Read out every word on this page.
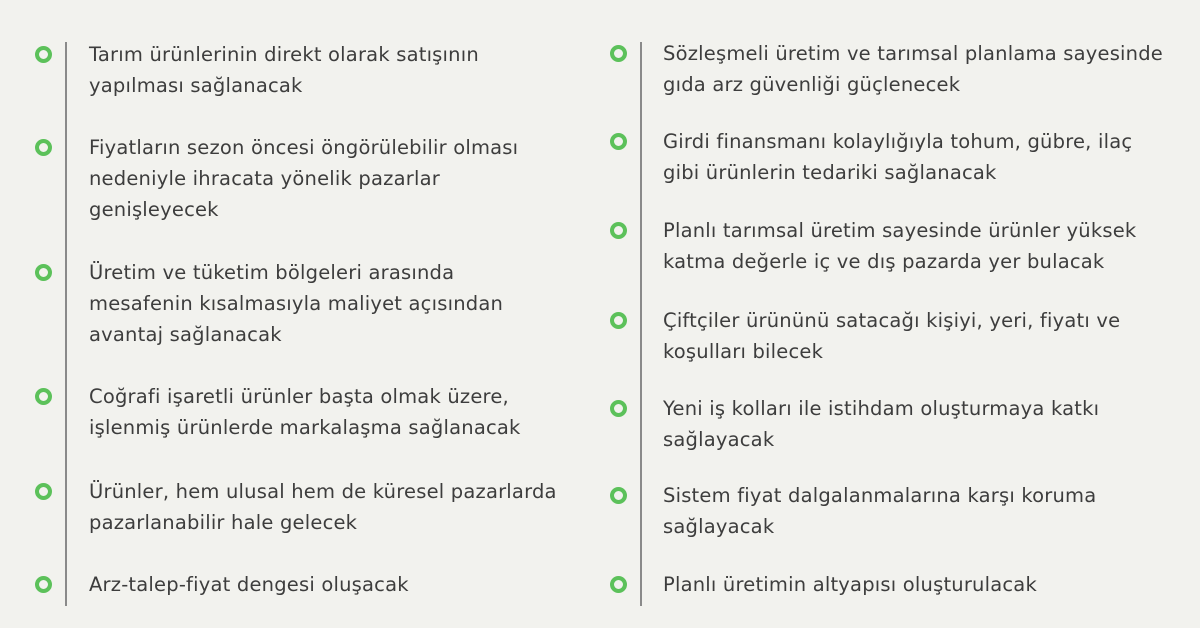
Tarım ürünlerinin direkt olarak satışının
yapılması sağlanacak
Fiyatların sezon öncesi öngörülebilir olması
nedeniyle ihracata yönelik pazarlar
genişleyecek
Üretim ve tüketim bölgeleri arasında
mesafenin kısalmasıyla maliyet açısından
avantaj sağlanacak
Coğrafi işaretli ürünler başta olmak üzere,
işlenmiş ürünlerde markalaşma sağlanacak
Ürünler, hem ulusal hem de küresel pazarlarda
pazarlanabilir hale gelecek
Arz-talep-fiyat dengesi oluşacak
Sözleşmeli üretim ve tarımsal planlama sayesinde
gıda arz güvenliği güçlenecek
Girdi finansmanı kolaylığıyla tohum, gübre, ilaç
gibi ürünlerin tedariki sağlanacak
Planlı tarımsal üretim sayesinde ürünler yüksek
katma değerle iç ve dış pazarda yer bulacak
Çiftçiler ürününü satacağı kişiyi, yeri, fiyatı ve
koşulları bilecek
Yeni iş kolları ile istihdam oluşturmaya katkı
sağlayacak
Sistem fiyat dalgalanmalarına karşı koruma
sağlayacak
Planlı üretimin altyapısı oluşturulacak
